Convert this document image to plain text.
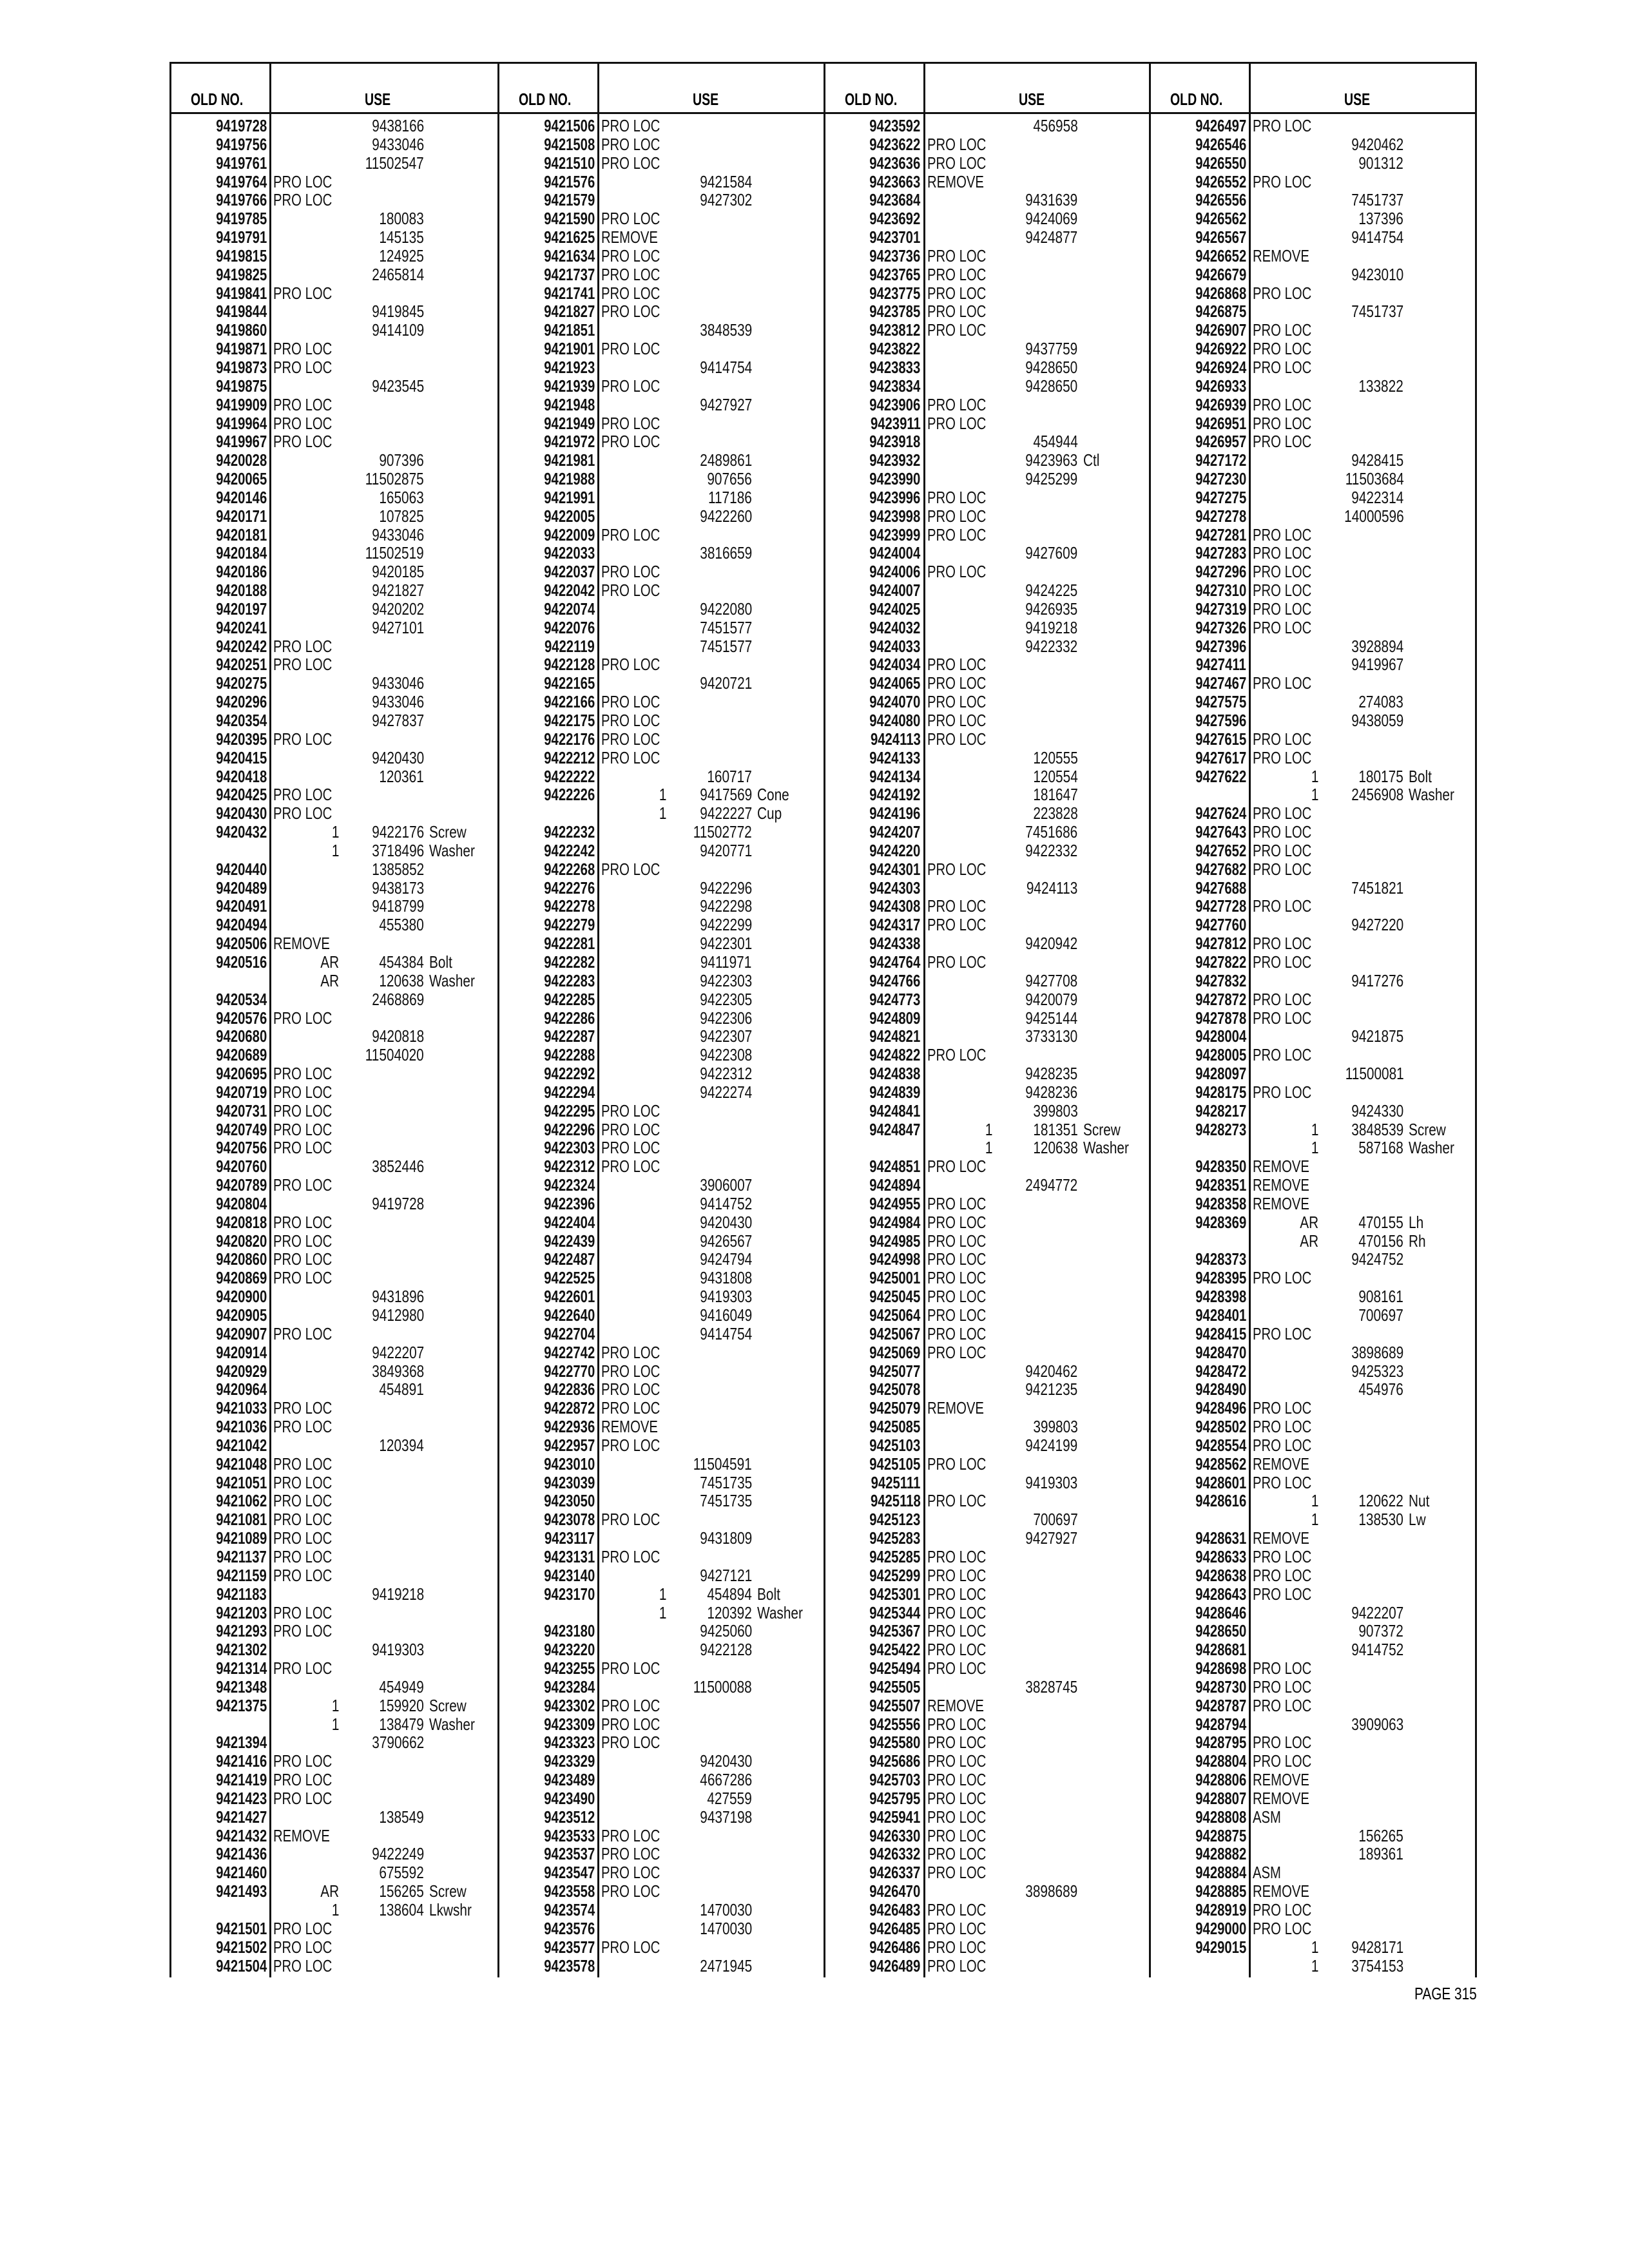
OLD NO.	USE
9419728	9438166
9419756	9433046
9419761	11502547
9419764 PRO LOC
9419766 PRO LOC
9419785	180083
9419791	145135
9419815	124925
9419825	2465814
9419841 PRO LOC
9419844	9419845
9419860	9414109
9419871 PRO LOC
9419873 PRO LOC
9419875	9423545
9419909 PRO LOC
9419964 PRO LOC
9419967 PRO LOC
9420028	907396
9420065	11502875
9420146	165063
9420171	107825
9420181	9433046
9420184	11502519
9420186	9420185
9420188	9421827
9420197	9420202
9420241	9427101
9420242 PRO LOC
9420251 PRO LOC
9420275	9433046
9420296	9433046
9420354	9427837
9420395 PRO LOC
9420415	9420430
9420418	120361
9420425 PRO LOC
9420430 PRO LOC
9420432	1 9422176 Screw
1 3718496 Washer
9420440	1385852
9420489	9438173
9420491	9418799
9420494	455380
9420506 REMOVE
9420516	AR 454384 Bolt
AR 120638 Washer
9420534	2468869
9420576 PRO LOC
9420680	9420818
9420689	11504020
9420695 PRO LOC
9420719 PRO LOC
9420731 PRO LOC
9420749 PRO LOC
9420756 PRO LOC
9420760	3852446
9420789 PRO LOC
9420804	9419728
9420818 PRO LOC
9420820 PRO LOC
9420860 PRO LOC
9420869 PRO LOC
9420900	9431896
9420905	9412980
9420907 PRO LOC
9420914	9422207
9420929	3849368
9420964	454891
9421033 PRO LOC
9421036 PRO LOC
9421042	120394
9421048 PRO LOC
9421051 PRO LOC
9421062 PRO LOC
9421081 PRO LOC
9421089 PRO LOC
9421137 PRO LOC
9421159 PRO LOC
9421183	9419218
9421203 PRO LOC
9421293 PRO LOC
9421302	9419303
9421314 PRO LOC
9421348	454949
9421375	1 159920 Screw
1 138479 Washer
9421394	3790662
9421416 PRO LOC
9421419 PRO LOC
9421423 PRO LOC
9421427	138549
9421432 REMOVE
9421436	9422249
9421460	675592
9421493	AR 156265 Screw
1 138604 Lkwshr
9421501 PRO LOC
9421502 PRO LOC
9421504 PRO LOC
OLD NO.	USE
9421506 PRO LOC
9421508 PRO LOC
9421510 PRO LOC
9421576	9421584
9421579	9427302
9421590 PRO LOC
9421625 REMOVE
9421634 PRO LOC
9421737 PRO LOC
9421741 PRO LOC
9421827 PRO LOC
9421851	3848539
9421901 PRO LOC
9421923	9414754
9421939 PRO LOC
9421948	9427927
9421949 PRO LOC
9421972 PRO LOC
9421981	2489861
9421988	907656
9421991	117186
9422005	9422260
9422009 PRO LOC
9422033	3816659
9422037 PRO LOC
9422042 PRO LOC
9422074	9422080
9422076	7451577
9422119	7451577
9422128 PRO LOC
9422165	9420721
9422166 PRO LOC
9422175 PRO LOC
9422176 PRO LOC
9422212 PRO LOC
9422222	160717
9422226	1 9417569 Cone
1 9422227 Cup
9422232	11502772
9422242	9420771
9422268 PRO LOC
9422276	9422296
9422278	9422298
9422279	9422299
9422281	9422301
9422282	9411971
9422283	9422303
9422285	9422305
9422286	9422306
9422287	9422307
9422288	9422308
9422292	9422312
9422294	9422274
9422295 PRO LOC
9422296 PRO LOC
9422303 PRO LOC
9422312 PRO LOC
9422324	3906007
9422396	9414752
9422404	9420430
9422439	9426567
9422487	9424794
9422525	9431808
9422601	9419303
9422640	9416049
9422704	9414754
9422742 PRO LOC
9422770 PRO LOC
9422836 PRO LOC
9422872 PRO LOC
9422936 REMOVE
9422957 PRO LOC
9423010	11504591
9423039	7451735
9423050	7451735
9423078 PRO LOC
9423117	9431809
9423131 PRO LOC
9423140	9427121
9423170	1 454894 Bolt
1 120392 Washer
9423180	9425060
9423220	9422128
9423255 PRO LOC
9423284	11500088
9423302 PRO LOC
9423309 PRO LOC
9423323 PRO LOC
9423329	9420430
9423489	4667286
9423490	427559
9423512	9437198
9423533 PRO LOC
9423537 PRO LOC
9423547 PRO LOC
9423558 PRO LOC
9423574	1470030
9423576	1470030
9423577 PRO LOC
9423578	2471945
OLD NO.	USE
9423592	456958
9423622 PRO LOC
9423636 PRO LOC
9423663 REMOVE
9423684	9431639
9423692	9424069
9423701	9424877
9423736 PRO LOC
9423765 PRO LOC
9423775 PRO LOC
9423785 PRO LOC
9423812 PRO LOC
9423822	9437759
9423833	9428650
9423834	9428650
9423906 PRO LOC
9423911 PRO LOC
9423918	454944
9423932	9423963 Ctl
9423990	9425299
9423996 PRO LOC
9423998 PRO LOC
9423999 PRO LOC
9424004	9427609
9424006 PRO LOC
9424007	9424225
9424025	9426935
9424032	9419218
9424033	9422332
9424034 PRO LOC
9424065 PRO LOC
9424070 PRO LOC
9424080 PRO LOC
9424113 PRO LOC
9424133	120555
9424134	120554
9424192	181647
9424196	223828
9424207	7451686
9424220	9422332
9424301 PRO LOC
9424303	9424113
9424308 PRO LOC
9424317 PRO LOC
9424338	9420942
9424764 PRO LOC
9424766	9427708
9424773	9420079
9424809	9425144
9424821	3733130
9424822 PRO LOC
9424838	9428235
9424839	9428236
9424841	399803
9424847	1 181351 Screw
1 120638 Washer
9424851 PRO LOC
9424894	2494772
9424955 PRO LOC
9424984 PRO LOC
9424985 PRO LOC
9424998 PRO LOC
9425001 PRO LOC
9425045 PRO LOC
9425064 PRO LOC
9425067 PRO LOC
9425069 PRO LOC
9425077	9420462
9425078	9421235
9425079 REMOVE
9425085	399803
9425103	9424199
9425105 PRO LOC
9425111	9419303
9425118 PRO LOC
9425123	700697
9425283	9427927
9425285 PRO LOC
9425299 PRO LOC
9425301 PRO LOC
9425344 PRO LOC
9425367 PRO LOC
9425422 PRO LOC
9425494 PRO LOC
9425505	3828745
9425507 REMOVE
9425556 PRO LOC
9425580 PRO LOC
9425686 PRO LOC
9425703 PRO LOC
9425795 PRO LOC
9425941 PRO LOC
9426330 PRO LOC
9426332 PRO LOC
9426337 PRO LOC
9426470	3898689
9426483 PRO LOC
9426485 PRO LOC
9426486 PRO LOC
9426489 PRO LOC
OLD NO.	USE
9426497 PRO LOC
9426546	9420462
9426550	901312
9426552 PRO LOC
9426556	7451737
9426562	137396
9426567	9414754
9426652 REMOVE
9426679	9423010
9426868 PRO LOC
9426875	7451737
9426907 PRO LOC
9426922 PRO LOC
9426924 PRO LOC
9426933	133822
9426939 PRO LOC
9426951 PRO LOC
9426957 PRO LOC
9427172	9428415
9427230	11503684
9427275	9422314
9427278	14000596
9427281 PRO LOC
9427283 PRO LOC
9427296 PRO LOC
9427310 PRO LOC
9427319 PRO LOC
9427326 PRO LOC
9427396	3928894
9427411	9419967
9427467 PRO LOC
9427575	274083
9427596	9438059
9427615 PRO LOC
9427617 PRO LOC
9427622	1 180175 Bolt
1 2456908 Washer
9427624 PRO LOC
9427643 PRO LOC
9427652 PRO LOC
9427682 PRO LOC
9427688	7451821
9427728 PRO LOC
9427760	9427220
9427812 PRO LOC
9427822 PRO LOC
9427832	9417276
9427872 PRO LOC
9427878 PRO LOC
9428004	9421875
9428005 PRO LOC
9428097	11500081
9428175 PRO LOC
9428217	9424330
9428273	1 3848539 Screw
1 587168 Washer
9428350 REMOVE
9428351 REMOVE
9428358 REMOVE
9428369	AR 470155 Lh
AR 470156 Rh
9428373	9424752
9428395 PRO LOC
9428398	908161
9428401	700697
9428415 PRO LOC
9428470	3898689
9428472	9425323
9428490	454976
9428496 PRO LOC
9428502 PRO LOC
9428554 PRO LOC
9428562 REMOVE
9428601 PRO LOC
9428616	1 120622 Nut
1 138530 Lw
9428631 REMOVE
9428633 PRO LOC
9428638 PRO LOC
9428643 PRO LOC
9428646	9422207
9428650	907372
9428681	9414752
9428698 PRO LOC
9428730 PRO LOC
9428787 PRO LOC
9428794	3909063
9428795 PRO LOC
9428804 PRO LOC
9428806 REMOVE
9428807 REMOVE
9428808 ASM
9428875	156265
9428882	189361
9428884 ASM
9428885 REMOVE
9428919 PRO LOC
9429000 PRO LOC
9429015	1 9428171
1 3754153
PAGE 315
